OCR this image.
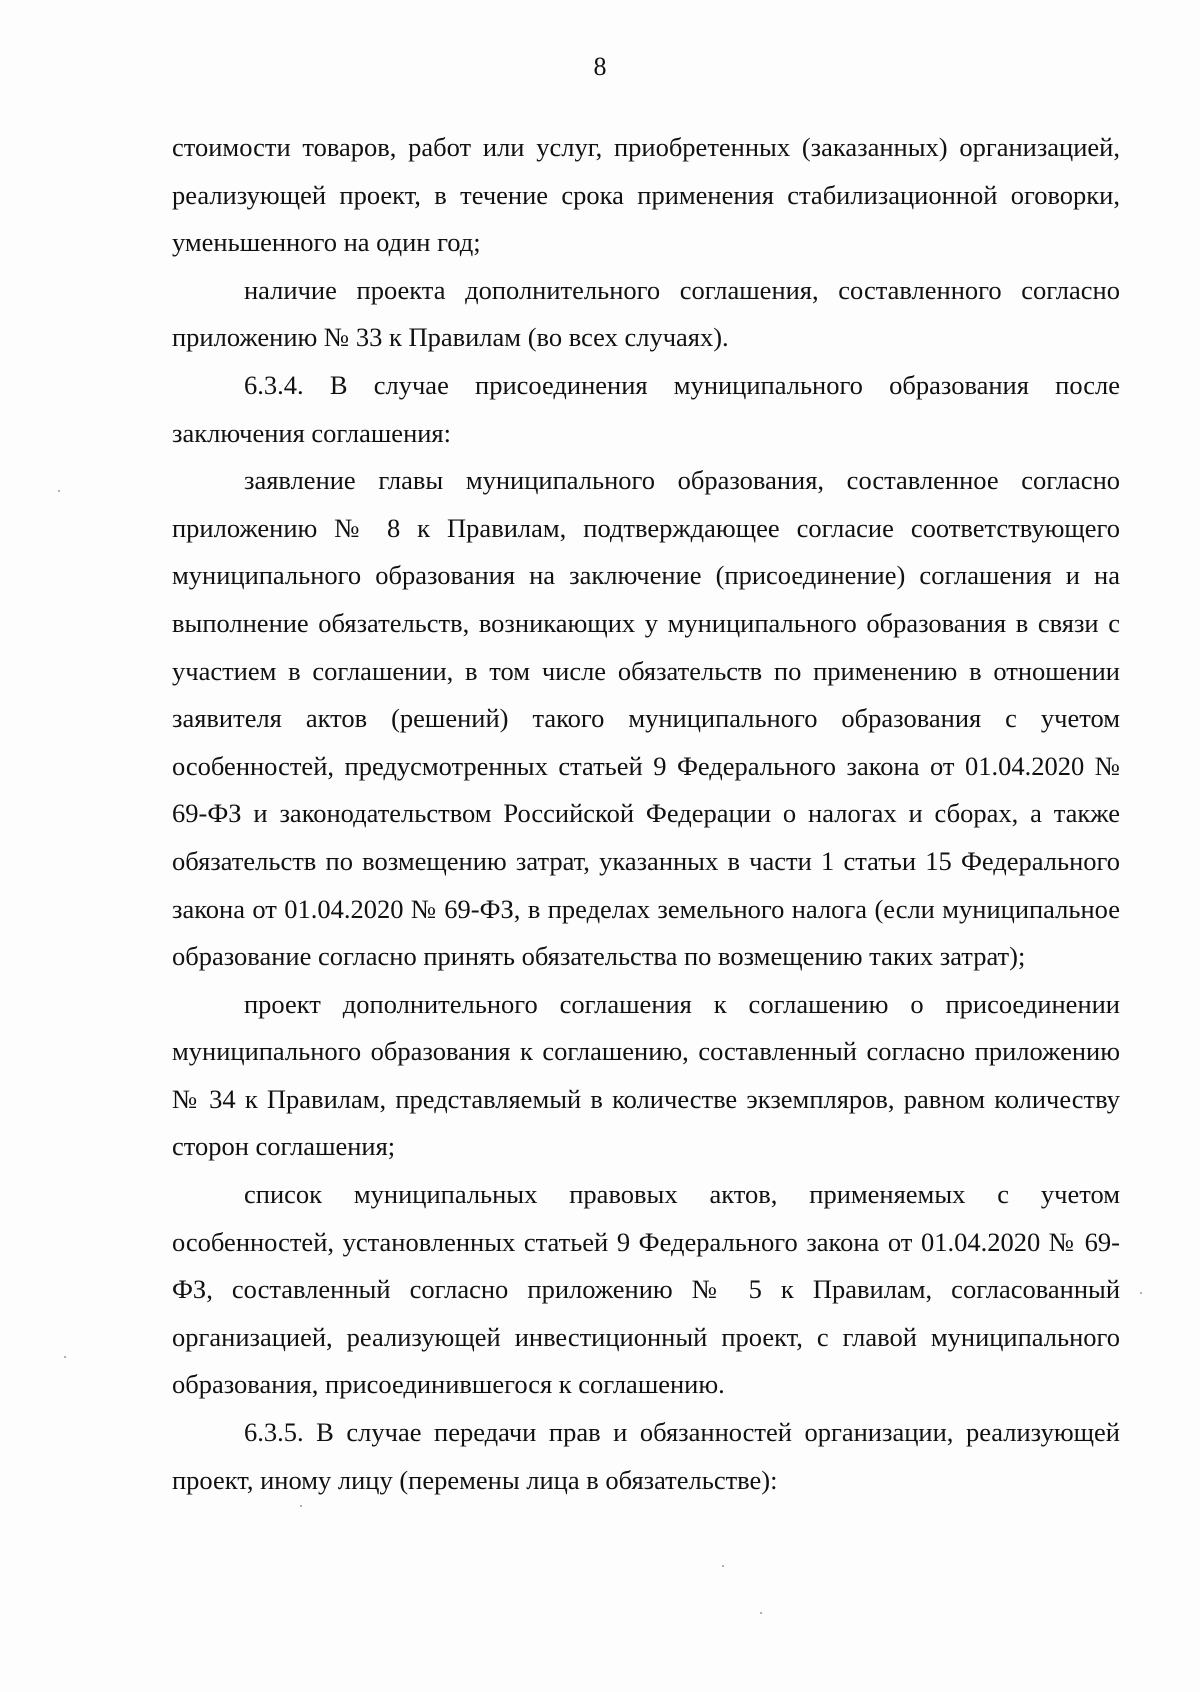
8

стоимости товаров, работ или услуг, приобретенных (заказанных) организацией, реализующей проект, в течение срока применения стабилизационной оговорки, уменьшенного на один год;

наличие проекта дополнительного соглашения, составленного согласно приложению № 33 к Правилам (во всех случаях).

6.3.4. В случае присоединения муниципального образования после заключения соглашения:

заявление главы муниципального образования, составленное согласно приложению № 8 к Правилам, подтверждающее согласие соответствующего муниципального образования на заключение (присоединение) соглашения и на выполнение обязательств, возникающих у муниципального образования в связи с участием в соглашении, в том числе обязательств по применению в отношении заявителя актов (решений) такого муниципального образования с учетом особенностей, предусмотренных статьей 9 Федерального закона от 01.04.2020 № 69-ФЗ и законодательством Российской Федерации о налогах и сборах, а также обязательств по возмещению затрат, указанных в части 1 статьи 15 Федерального закона от 01.04.2020 № 69-ФЗ, в пределах земельного налога (если муниципальное образование согласно принять обязательства по возмещению таких затрат);

проект дополнительного соглашения к соглашению о присоединении муниципального образования к соглашению, составленный согласно приложению № 34 к Правилам, представляемый в количестве экземпляров, равном количеству сторон соглашения;

список муниципальных правовых актов, применяемых с учетом особенностей, установленных статьей 9 Федерального закона от 01.04.2020 № 69-ФЗ, составленный согласно приложению № 5 к Правилам, согласованный организацией, реализующей инвестиционный проект, с главой муниципального образования, присоединившегося к соглашению.

6.3.5. В случае передачи прав и обязанностей организации, реализующей проект, иному лицу (перемены лица в обязательстве):
